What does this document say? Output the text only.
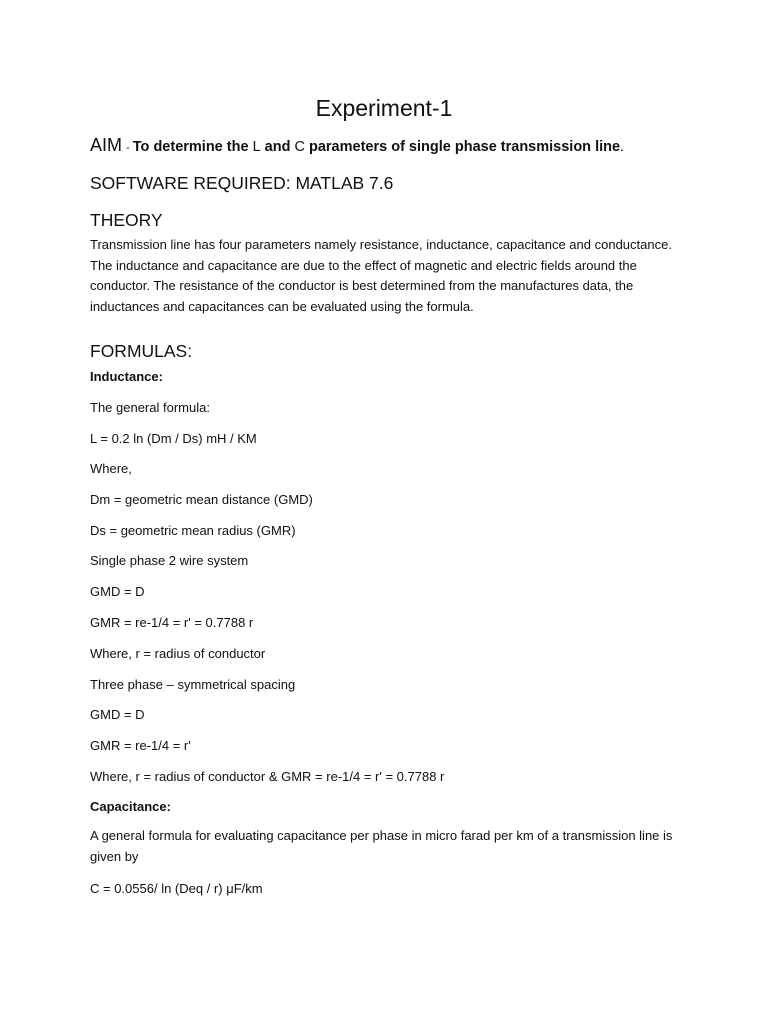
Experiment-1
AIM - To determine the L and C parameters of single phase transmission line.
SOFTWARE REQUIRED: MATLAB 7.6
THEORY
Transmission line has four parameters namely resistance, inductance, capacitance and conductance. The inductance and capacitance are due to the effect of magnetic and electric fields around the conductor. The resistance of the conductor is best determined from the manufactures data, the inductances and capacitances can be evaluated using the formula.
FORMULAS:
Inductance:
The general formula:
L = 0.2 ln (Dm / Ds) mH / KM
Where,
Dm = geometric mean distance (GMD)
Ds = geometric mean radius (GMR)
Single phase 2 wire system
GMD = D
GMR = re-1/4 = r' = 0.7788 r
Where, r = radius of conductor
Three phase – symmetrical spacing
GMD = D
GMR = re-1/4 = r'
Where, r = radius of conductor & GMR = re-1/4 = r' = 0.7788 r
Capacitance:
A general formula for evaluating capacitance per phase in micro farad per km of a transmission line is given by
C = 0.0556/ ln (Deq / r) μF/km
